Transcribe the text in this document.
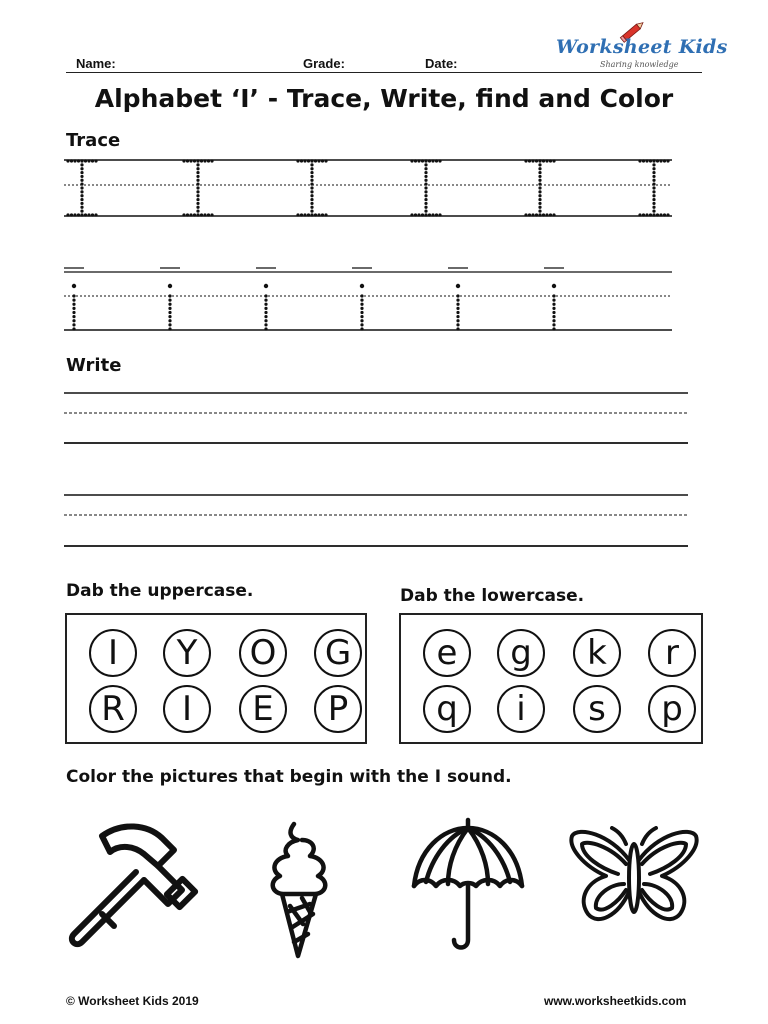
Name:	Grade:	Date:
Worksheet Kids
Sharing knowledge
Alphabet ‘I’ - Trace, Write, find and Color
Trace
Write
Dab the uppercase.	Dab the lowercase.
I	Y	O	G
R	I	E	P
e	g	k	r
q	i	s	p
Color the pictures that begin with the I sound.
© Worksheet Kids 2019	www.worksheetkids.com
